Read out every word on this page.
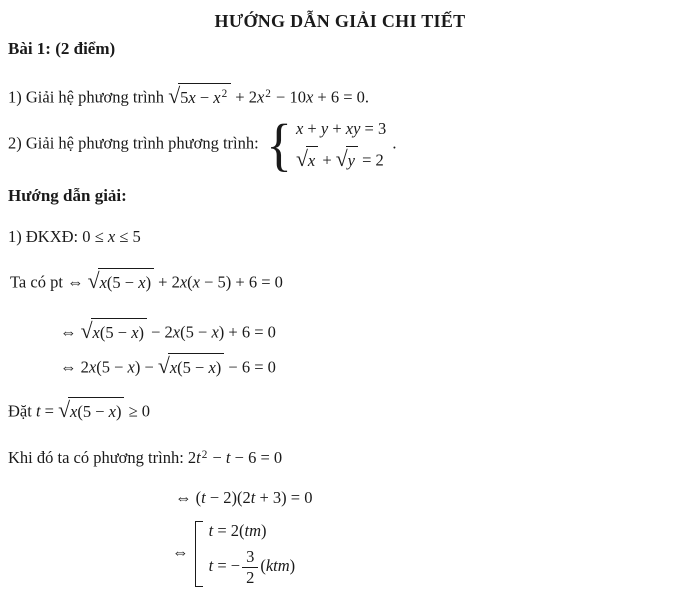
HƯỚNG DẪN GIẢI CHI TIẾT
Bài 1: (2 điểm)
1) Giải hệ phương trình √ $5x - x^2 + 2x^2 - 10x + 6 = 0$.
2) Giải hệ phương trình phương trình: { x + y + xy = 3
√ x + √ y = 2
.
Hướng dẫn giải:
1) ĐKXĐ: 0 ≤ x ≤ 5
Ta có pt ⇔ √ x(5 − x) + 2x(x − 5) + 6 = 0
⇔ √ x(5 − x) − 2x(5 − x) + 6 = 0
⇔ 2x(5 − x) − √ x(5 − x) − 6 = 0
Đặt t = √ x(5 − x) ≥ 0
Khi đó ta có phương trình: $2t^2 - t - 6 = 0$
⇔ (t − 2)(2t + 3) = 0
⇔
t = 2(tm)
t = − $\frac{3}{2} (ktm)$
